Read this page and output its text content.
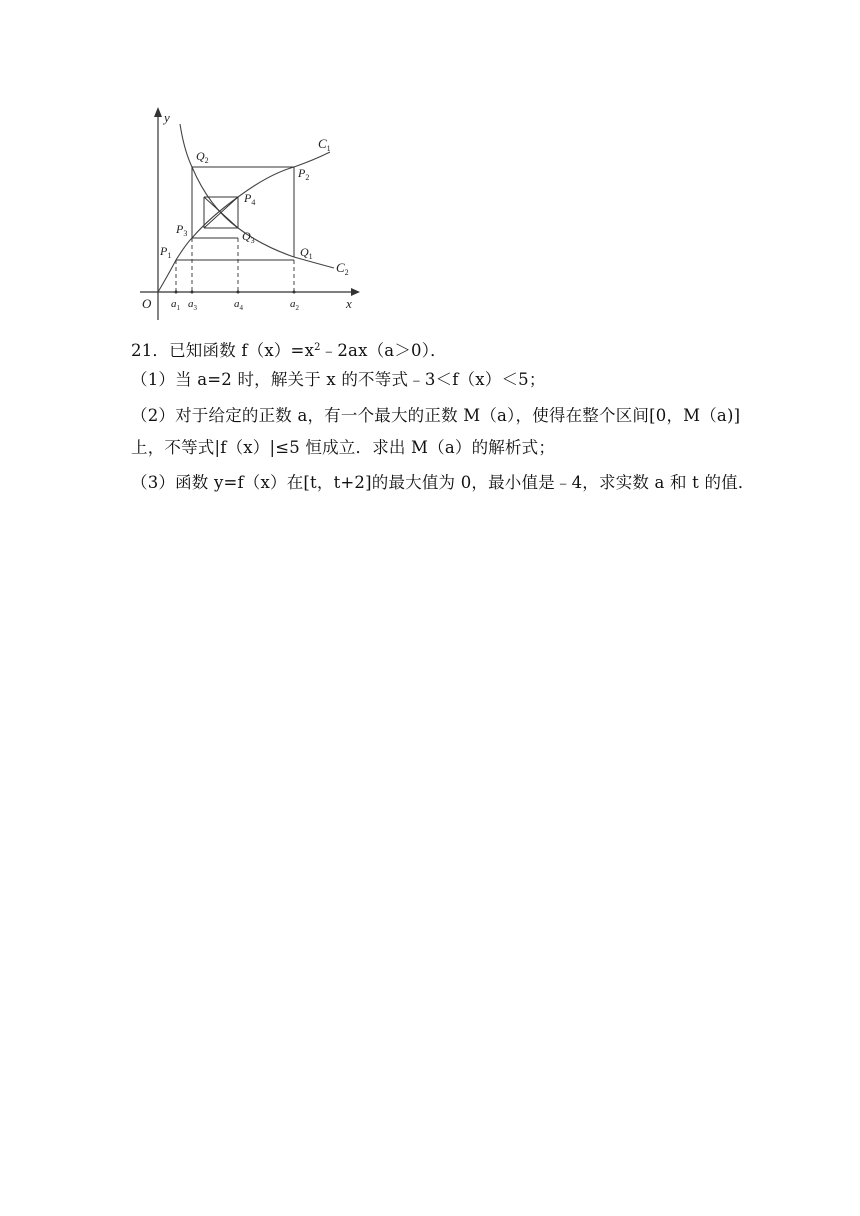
y
x
O
$C_1$
$C_2$
$Q_2$
$P_2$
$P_4$
$P_3$	$Q_3$
$P_1$	$Q_1$
$a_1$ $a_3$	$a_4$	$a_2$
21．已知函数 $f(x)=x^2﹣2ax(a>0)$．
（1）当 a=2 时，解关于 x 的不等式﹣3＜f（x）＜5；
（2）对于给定的正数 a，有一个最大的正数 M（a），使得在整个区间[0，M（a)]
上，不等式|f（x）|≤5 恒成立．求出 M（a）的解析式；
（3）函数 y=f（x）在[t，t+2]的最大值为 0，最小值是﹣4，求实数 a 和 t 的值．
